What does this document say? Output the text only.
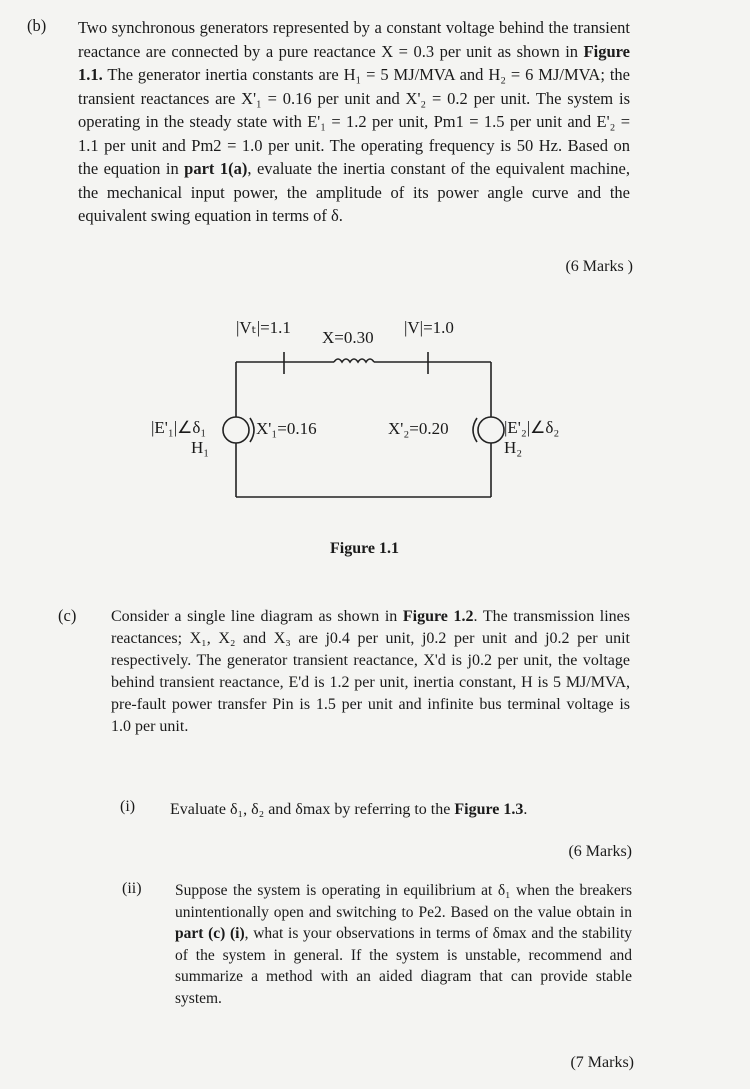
(b) Two synchronous generators represented by a constant voltage behind the transient reactance are connected by a pure reactance X = 0.3 per unit as shown in Figure 1.1. The generator inertia constants are H₁ = 5 MJ/MVA and H₂ = 6 MJ/MVA; the transient reactances are X'₁ = 0.16 per unit and X'₂ = 0.2 per unit. The system is operating in the steady state with E'₁ = 1.2 per unit, Pm1 = 1.5 per unit and E'₂ = 1.1 per unit and Pm2 = 1.0 per unit. The operating frequency is 50 Hz. Based on the equation in part 1(a), evaluate the inertia constant of the equivalent machine, the mechanical input power, the amplitude of its power angle curve and the equivalent swing equation in terms of δ.
(6 Marks )
|Vₜ|=1.1
X=0.30
|V|=1.0
|E'₁|∠δ₁
H₁
X'₁=0.16	X'₂=0.20	|E'₂|∠δ₂
H₂
Figure 1.1
(c) Consider a single line diagram as shown in Figure 1.2. The transmission lines reactances; X₁, X₂ and X₃ are j0.4 per unit, j0.2 per unit and j0.2 per unit respectively. The generator transient reactance, X'd is j0.2 per unit, the voltage behind transient reactance, E'd is 1.2 per unit, inertia constant, H is 5 MJ/MVA, pre-fault power transfer Pin is 1.5 per unit and infinite bus terminal voltage is 1.0 per unit.
(i) Evaluate δ₁, δ₂ and δmax by referring to the Figure 1.3.
(6 Marks)
(ii) Suppose the system is operating in equilibrium at δ₁ when the breakers unintentionally open and switching to Pe2. Based on the value obtain in part (c) (i), what is your observations in terms of δmax and the stability of the system in general. If the system is unstable, recommend and summarize a method with an aided diagram that can provide stable system.
(7 Marks)
